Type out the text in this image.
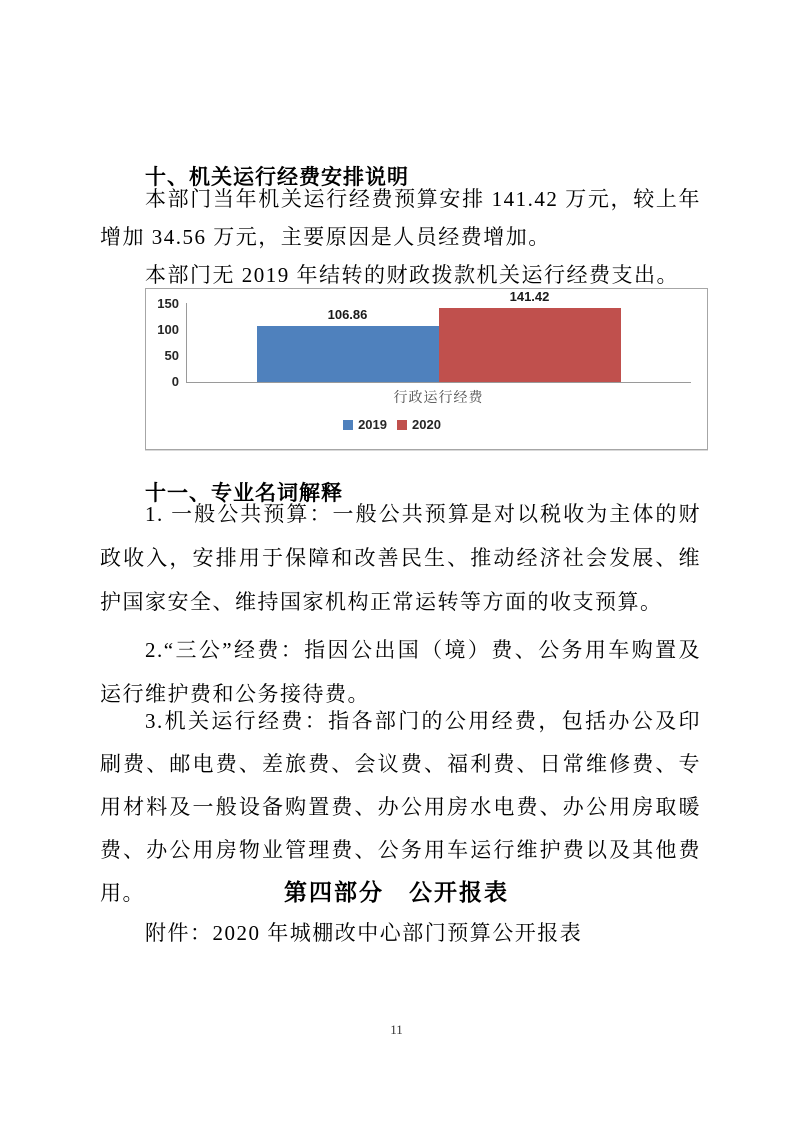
十、机关运行经费安排说明

本部门当年机关运行经费预算安排 141.42 万元，较上年增加 34.56 万元，主要原因是人员经费增加。

本部门无 2019 年结转的财政拨款机关运行经费支出。

0
50
100
150
106.86
141.42
行政运行经费
2019 2020
十一、专业名词解释

1. 一般公共预算：一般公共预算是对以税收为主体的财政收入，安排用于保障和改善民生、推动经济社会发展、维护国家安全、维持国家机构正常运转等方面的收支预算。

2.“三公”经费：指因公出国（境）费、公务用车购置及运行维护费和公务接待费。

3.机关运行经费：指各部门的公用经费，包括办公及印刷费、邮电费、差旅费、会议费、福利费、日常维修费、专用材料及一般设备购置费、办公用房水电费、办公用房取暖费、办公用房物业管理费、公务用车运行维护费以及其他费用。	第四部分　公开报表

附件：2020 年城棚改中心部门预算公开报表

11
